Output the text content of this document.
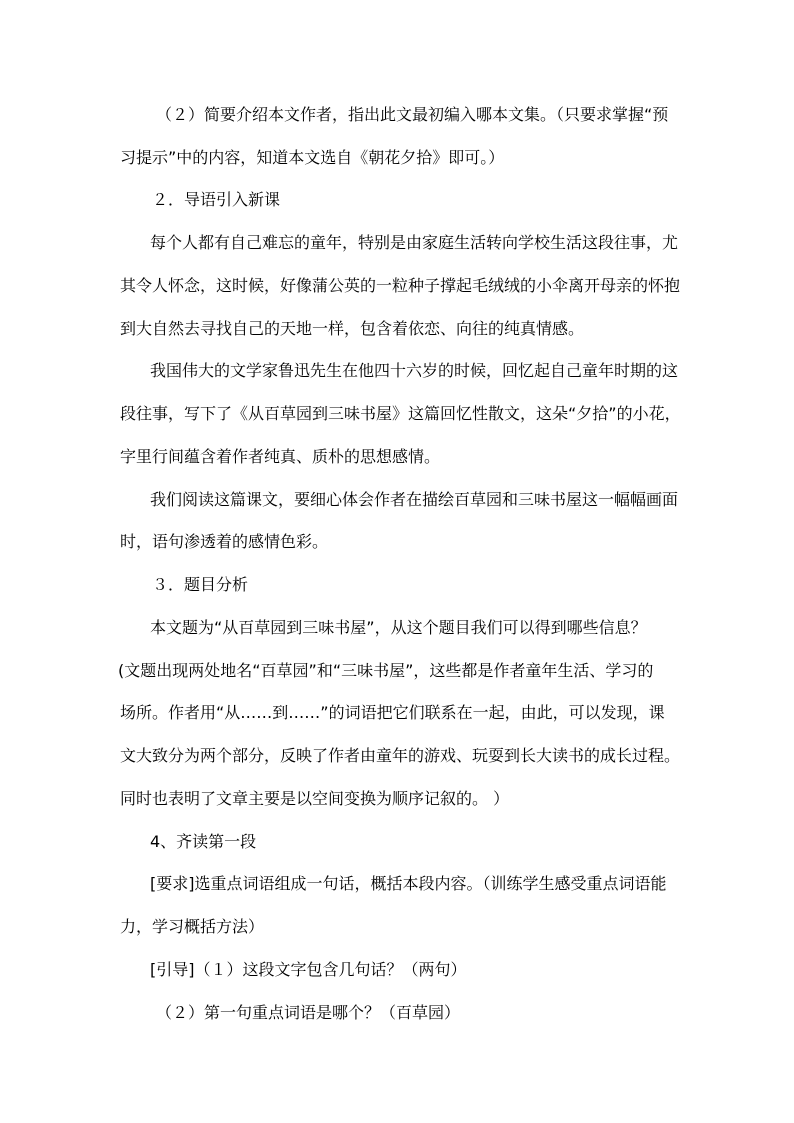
（２）简要介绍本文作者，指出此文最初编入哪本文集。（只要求掌握“预
习提示”中的内容，知道本文选自《朝花夕拾》即可。）
２．导语引入新课
每个人都有自己难忘的童年，特别是由家庭生活转向学校生活这段往事，尤
其令人怀念，这时候，好像蒲公英的一粒种子撑起毛绒绒的小伞离开母亲的怀抱
到大自然去寻找自己的天地一样，包含着依恋、向往的纯真情感。
我国伟大的文学家鲁迅先生在他四十六岁的时候，回忆起自己童年时期的这
段往事，写下了《从百草园到三味书屋》这篇回忆性散文，这朵“夕拾”的小花，
字里行间蕴含着作者纯真、质朴的思想感情。
我们阅读这篇课文，要细心体会作者在描绘百草园和三味书屋这一幅幅画面
时，语句渗透着的感情色彩。
３．题目分析
本文题为“从百草园到三味书屋”，从这个题目我们可以得到哪些信息？
(文题出现两处地名“百草园”和“三味书屋”，这些都是作者童年生活、学习的
场所。作者用“从……到……”的词语把它们联系在一起，由此，可以发现，课
文大致分为两个部分，反映了作者由童年的游戏、玩耍到长大读书的成长过程。
同时也表明了文章主要是以空间变换为顺序记叙的。 ）
4、齐读第一段
[要求]选重点词语组成一句话，概括本段内容。（训练学生感受重点词语能
力，学习概括方法）
[引导]（１）这段文字包含几句话？（两句）
（２）第一句重点词语是哪个？（百草园）
